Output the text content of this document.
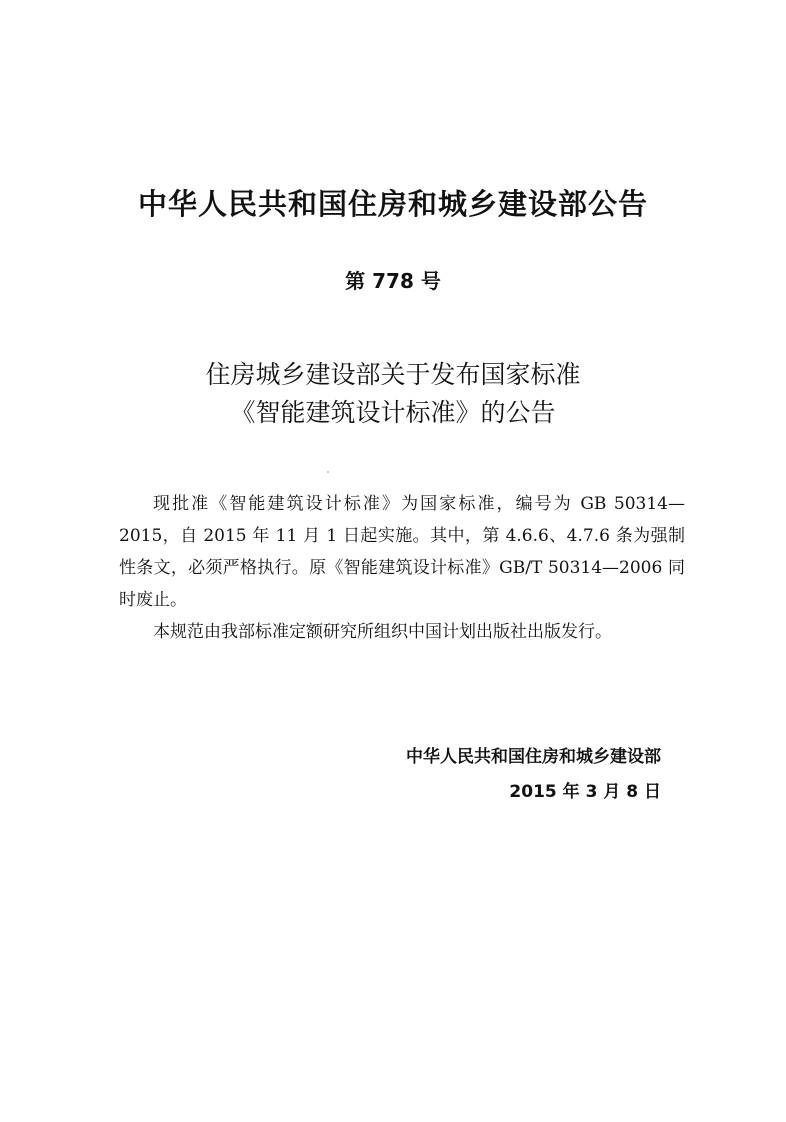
中华人民共和国住房和城乡建设部公告
第 778 号
住房城乡建设部关于发布国家标准
《智能建筑设计标准》的公告

现批准《智能建筑设计标准》为国家标准，编号为 GB 50314—2015，自 2015 年 11 月 1 日起实施。其中，第 4.6.6、4.7.6 条为强制性条文，必须严格执行。原《智能建筑设计标准》GB/T 50314—2006 同时废止。

本规范由我部标准定额研究所组织中国计划出版社出版发行。

中华人民共和国住房和城乡建设部
2015 年 3 月 8 日
